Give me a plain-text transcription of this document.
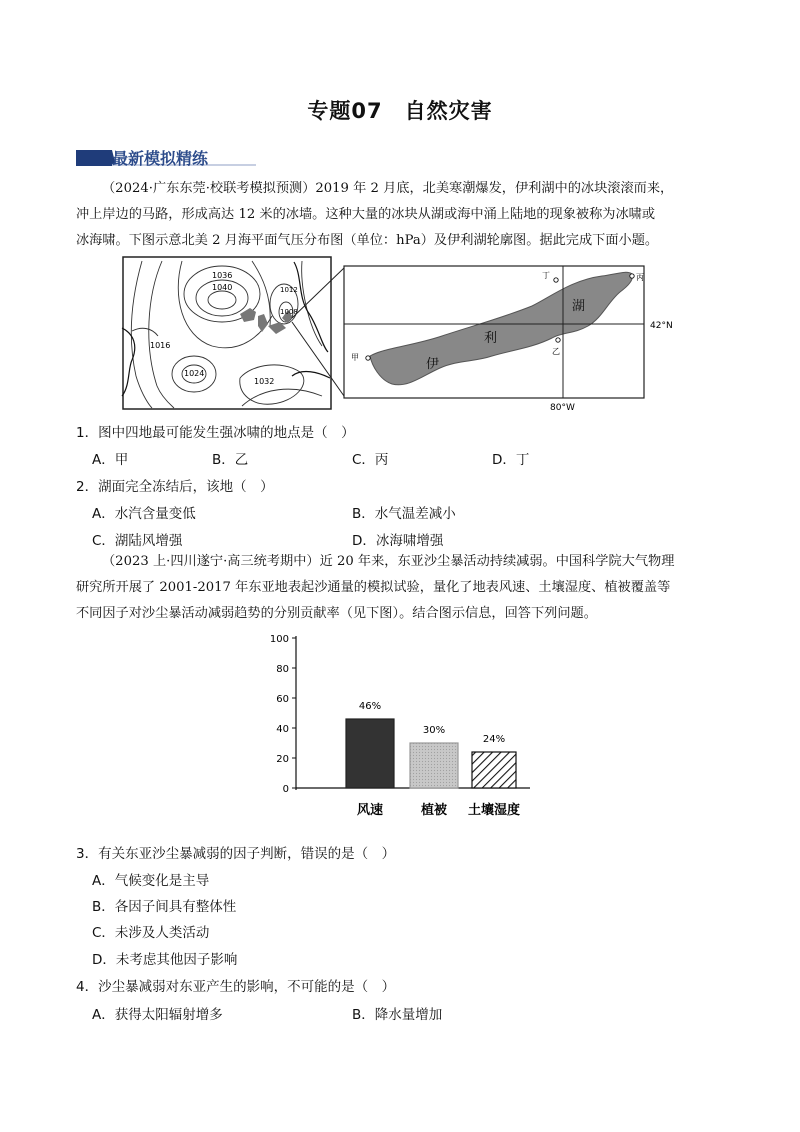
专题07　自然灾害
最新模拟精练

（2024·广东东莞·校联考模拟预测）2019 年 2 月底，北美寒潮爆发，伊利湖中的冰块滚滚而来，

冲上岸边的马路，形成高达 12 米的冰墙。这种大量的冰块从湖或海中涌上陆地的现象被称为冰啸或

冰海啸。下图示意北美 2 月海平面气压分布图（单位：hPa）及伊利湖轮廓图。据此完成下面小题。

1036
1040
1016
1024
1032
1012
1008	湖
利
伊
甲
乙
丙
丁
42°N
80°W
1．图中四地最可能发生强冰啸的地点是（　）
A．甲	B．乙	C．丙	D．丁
2．湖面完全冻结后，该地（　）
A．水汽含量变低	B．水气温差减小
C．湖陆风增强	D．冰海啸增强

（2023 上·四川遂宁·高三统考期中）近 20 年来，东亚沙尘暴活动持续减弱。中国科学院大气物理

研究所开展了 2001-2017 年东亚地表起沙通量的模拟试验，量化了地表风速、土壤湿度、植被覆盖等

不同因子对沙尘暴活动减弱趋势的分别贡献率（见下图）。结合图示信息，回答下列问题。

0
20
40
60
80
100
46%
30%
24%
风速	植被 土壤湿度
3．有关东亚沙尘暴减弱的因子判断，错误的是（　）
A．气候变化是主导
B．各因子间具有整体性
C．未涉及人类活动
D．未考虑其他因子影响
4．沙尘暴减弱对东亚产生的影响，不可能的是（　）
A．获得太阳辐射增多	B．降水量增加
